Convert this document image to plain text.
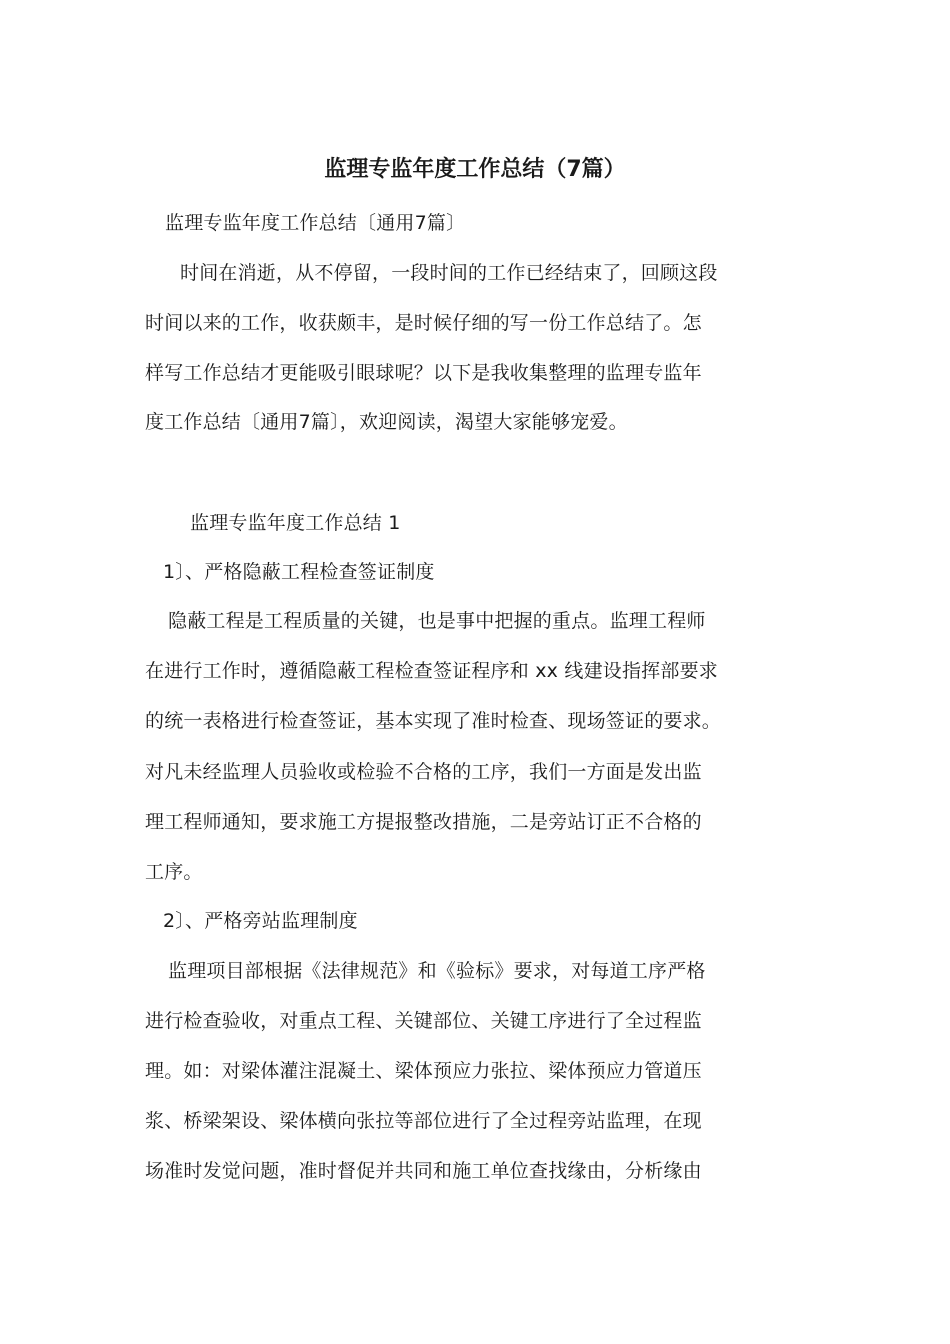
监理专监年度工作总结（7篇）
监理专监年度工作总结〔通用7篇〕
时间在消逝，从不停留，一段时间的工作已经结束了，回顾这段
时间以来的工作，收获颇丰，是时候仔细的写一份工作总结了。怎
样写工作总结才更能吸引眼球呢？以下是我收集整理的监理专监年
度工作总结〔通用7篇〕，欢迎阅读，渴望大家能够宠爱。
监理专监年度工作总结 1
1〕、严格隐蔽工程检查签证制度
隐蔽工程是工程质量的关键，也是事中把握的重点。监理工程师
在进行工作时，遵循隐蔽工程检查签证程序和 xx 线建设指挥部要求
的统一表格进行检查签证，基本实现了准时检查、现场签证的要求。
对凡未经监理人员验收或检验不合格的工序，我们一方面是发出监
理工程师通知，要求施工方提报整改措施，二是旁站订正不合格的
工序。
2〕、严格旁站监理制度
监理项目部根据《法律规范》和《验标》要求，对每道工序严格
进行检查验收，对重点工程、关键部位、关键工序进行了全过程监
理。如：对梁体灌注混凝土、梁体预应力张拉、梁体预应力管道压
浆、桥梁架设、梁体横向张拉等部位进行了全过程旁站监理，在现
场准时发觉问题，准时督促并共同和施工单位查找缘由，分析缘由
